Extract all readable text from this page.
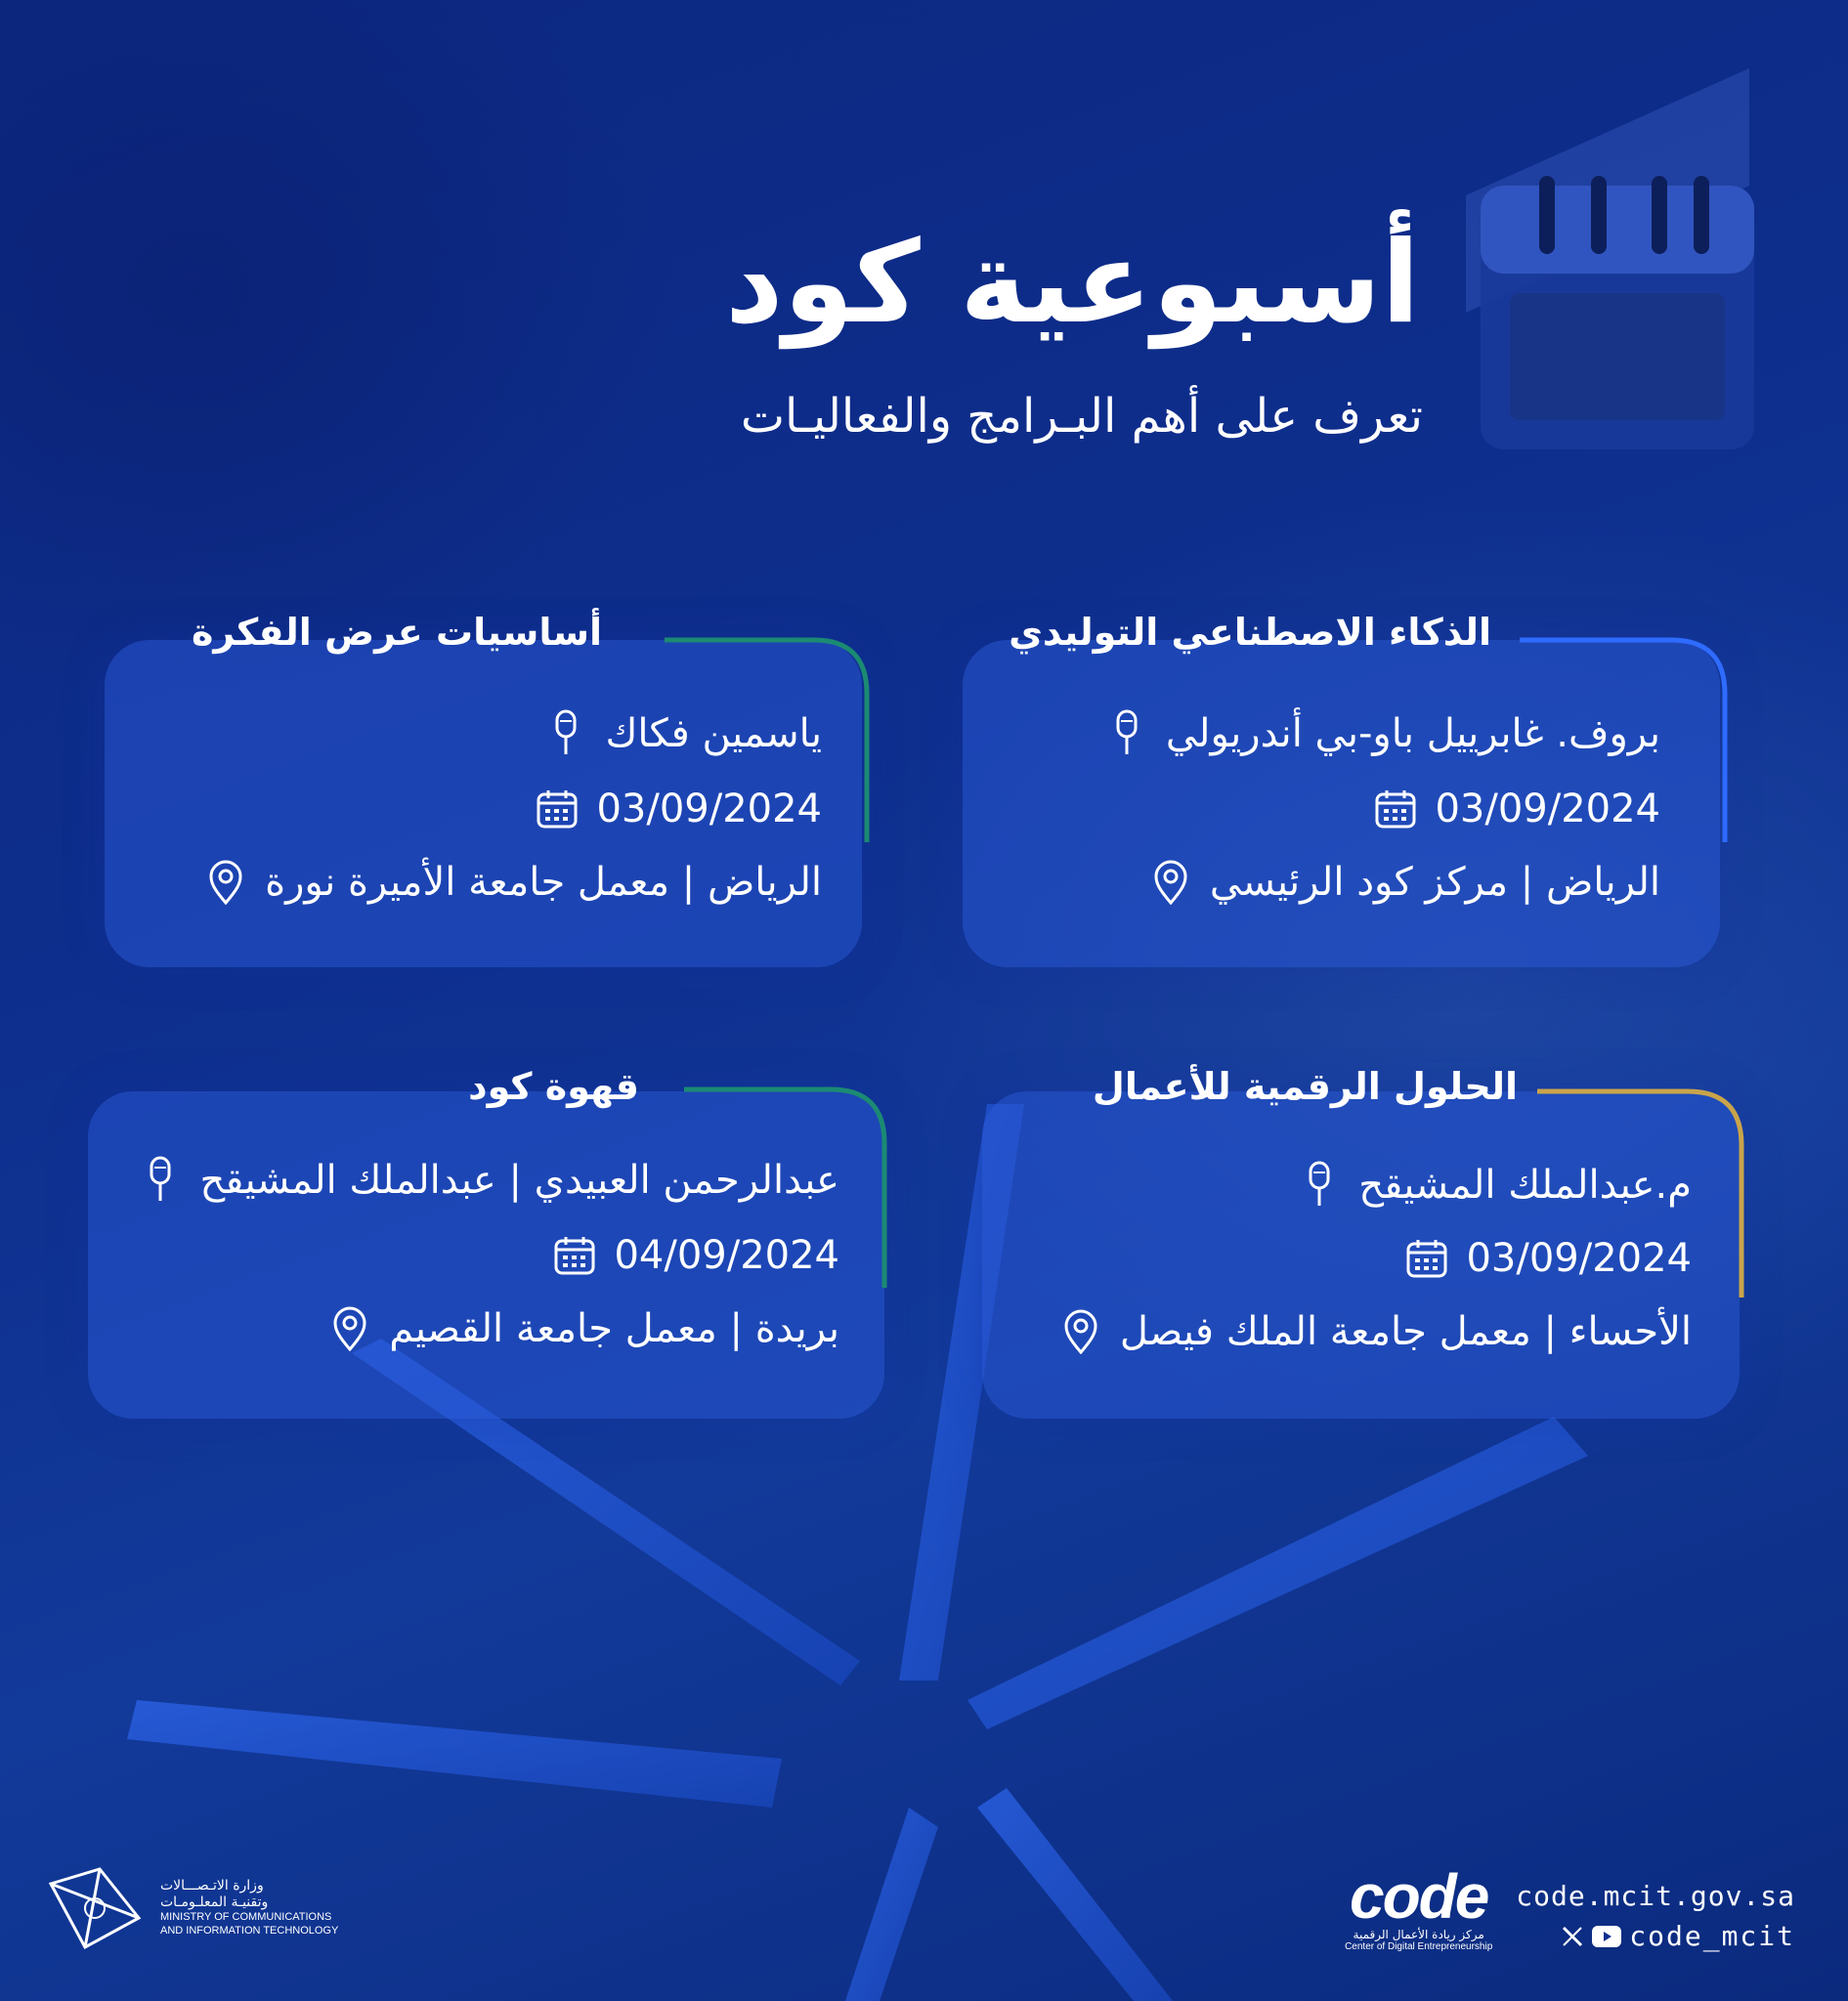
أسبوعية كود
تعرف على أهم البـرامج والفعاليـات
الذكاء الاصطناعي التوليدي
بروف. غابرييل باو-بي أندريولي
03/09/2024
الرياض | مركز كود الرئيسي
أساسيات عرض الفكرة
ياسمين فكاك
03/09/2024
الرياض | معمل جامعة الأميرة نورة
الحلول الرقمية للأعمال
م.عبدالملك المشيقح
03/09/2024
الأحساء | معمل جامعة الملك فيصل
قهوة كود
عبدالرحمن العبيدي | عبدالملك المشيقح
04/09/2024
بريدة | معمل جامعة القصيم
وزارة الاتـصـــالات
وتقنيـة المعلـومـات
MINISTRY OF COMMUNICATIONS
AND INFORMATION TECHNOLOGY	code
مركز ريادة الأعمال الرقمية
Center of Digital Entrepreneurship
code.mcit.gov.sa
code_mcit
